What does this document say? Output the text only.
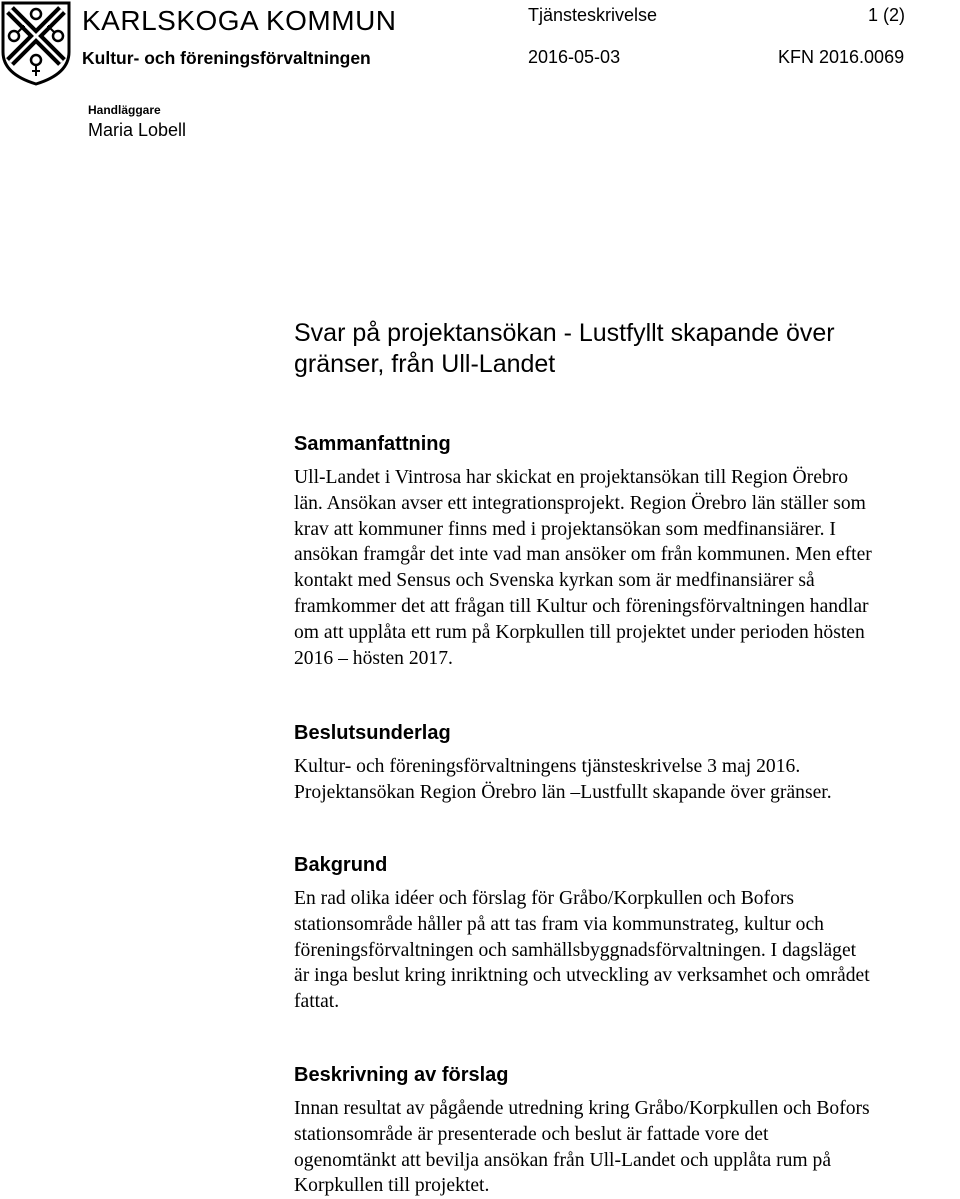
KARLSKOGA KOMMUN
Kultur- och föreningsförvaltningen
Tjänsteskrivelse	1 (2)
2016-05-03	KFN 2016.0069
Handläggare
Maria Lobell
Svar på projektansökan - Lustfyllt skapande över
gränser, från Ull-Landet
Sammanfattning

Ull-Landet i Vintrosa har skickat en projektansökan till Region Örebro
län. Ansökan avser ett integrationsprojekt. Region Örebro län ställer som
krav att kommuner finns med i projektansökan som medfinansiärer. I
ansökan framgår det inte vad man ansöker om från kommunen. Men efter
kontakt med Sensus och Svenska kyrkan som är medfinansiärer så
framkommer det att frågan till Kultur och föreningsförvaltningen handlar
om att upplåta ett rum på Korpkullen till projektet under perioden hösten
2016 – hösten 2017.

Beslutsunderlag

Kultur- och föreningsförvaltningens tjänsteskrivelse 3 maj 2016.
Projektansökan Region Örebro län –Lustfullt skapande över gränser.

Bakgrund

En rad olika idéer och förslag för Gråbo/Korpkullen och Bofors
stationsområde håller på att tas fram via kommunstrateg, kultur och
föreningsförvaltningen och samhällsbyggnadsförvaltningen. I dagsläget
är inga beslut kring inriktning och utveckling av verksamhet och området
fattat.

Beskrivning av förslag

Innan resultat av pågående utredning kring Gråbo/Korpkullen och Bofors
stationsområde är presenterade och beslut är fattade vore det
ogenomtänkt att bevilja ansökan från Ull-Landet och upplåta rum på
Korpkullen till projektet.
